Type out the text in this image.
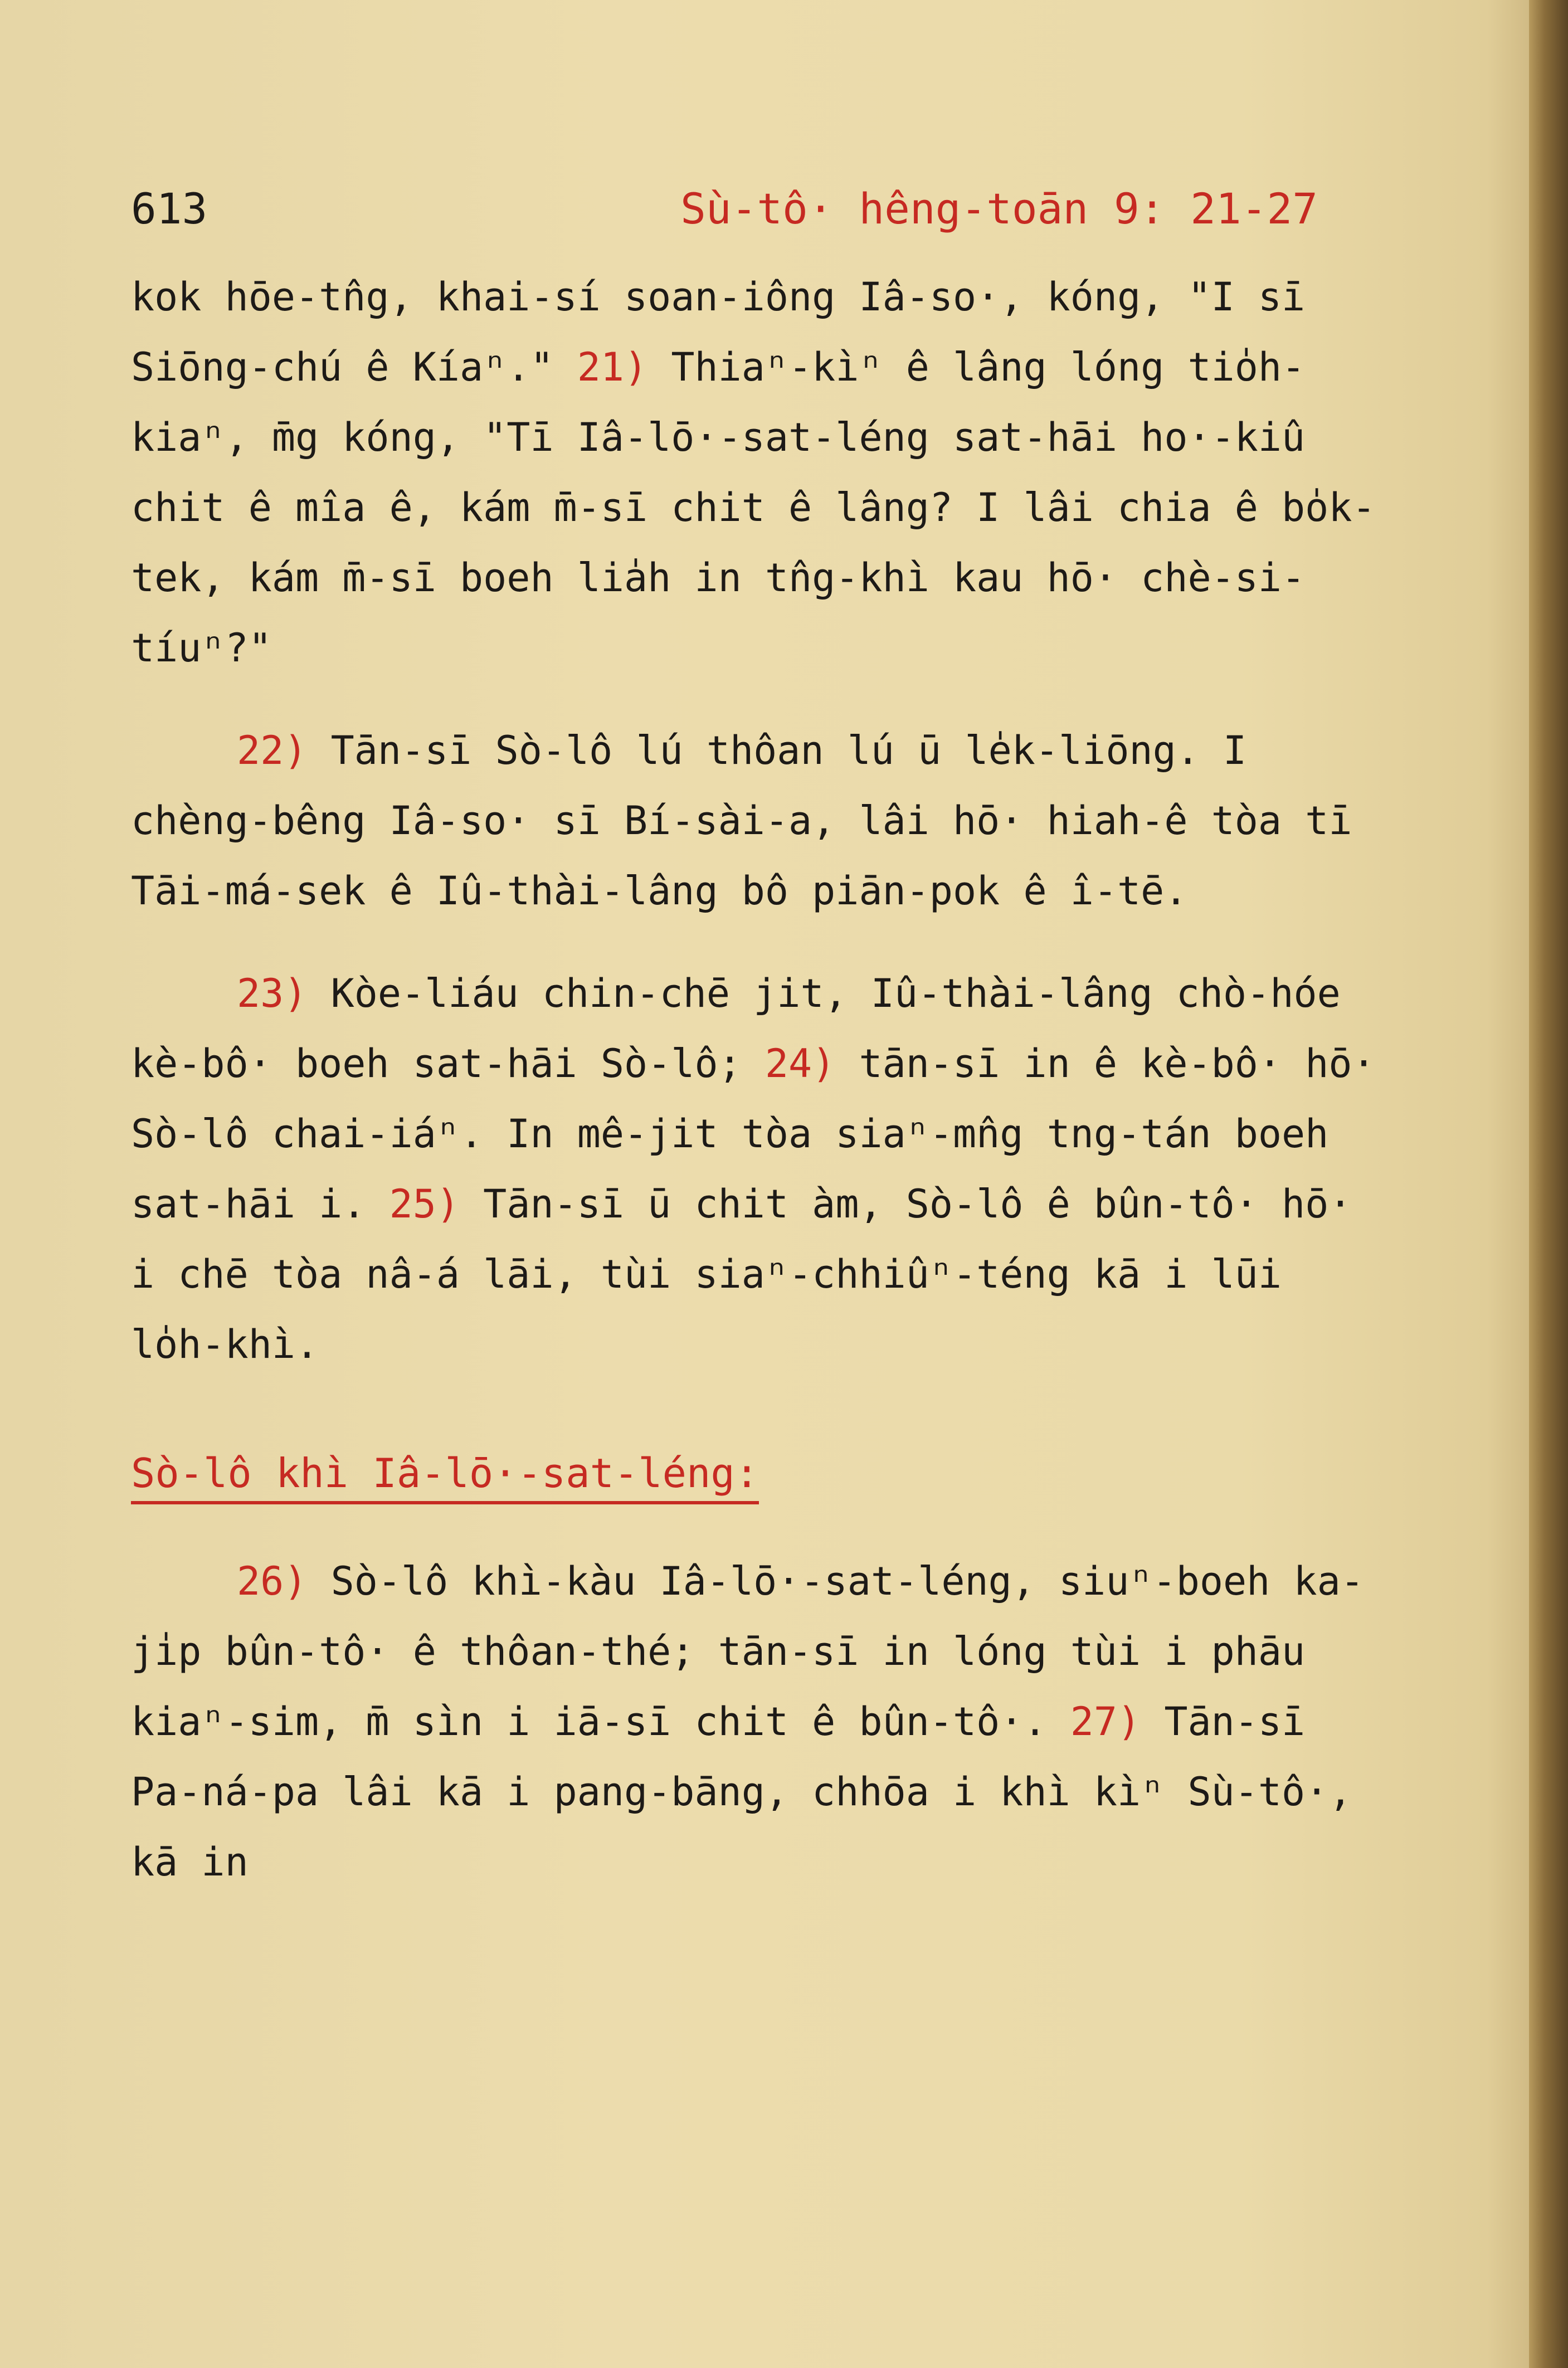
613	Sù-tô· hêng-toān 9: 21-27

kok hōe-tn̂g, khai-sí soan-iông Iâ-so·, kóng, "I sī Siōng-chú ê Kíaⁿ." 21) Thiaⁿ-kìⁿ ê lâng lóng tio̍h-kiaⁿ, m̄g kóng, "Tī Iâ-lō·-sat-léng sat-hāi ho·-kiû chit ê mîa ê, kám m̄-sī chit ê lâng? I lâi chia ê bo̍k-tek, kám m̄-sī boeh lia̍h in tn̂g-khì kau hō· chè-si-tíuⁿ?"

22) Tān-sī Sò-lô lú thôan lú ū le̍k-liōng. I chèng-bêng Iâ-so· sī Bí-sài-a, lâi hō· hiah-ê tòa tī Tāi-má-sek ê Iû-thài-lâng bô piān-pok ê î-tē.

23) Kòe-liáu chin-chē jit, Iû-thài-lâng chò-hóe kè-bô· boeh sat-hāi Sò-lô; 24) tān-sī in ê kè-bô· hō· Sò-lô chai-iáⁿ. In mê-jit tòa siaⁿ-mn̂g tng-tán boeh sat-hāi i. 25) Tān-sī ū chit àm, Sò-lô ê bûn-tô· hō· i chē tòa nâ-á lāi, tùi siaⁿ-chhiûⁿ-téng kā i lūi lo̍h-khì.

Sò-lô khì Iâ-lō·-sat-léng:

26) Sò-lô khì-kàu Iâ-lō·-sat-léng, siuⁿ-boeh ka-ji̍p bûn-tô· ê thôan-thé; tān-sī in lóng tùi i phāu kiaⁿ-sim, m̄ sìn i iā-sī chit ê bûn-tô·. 27) Tān-sī Pa-ná-pa lâi kā i pang-bāng, chhōa i khì kìⁿ Sù-tô·, kā in
